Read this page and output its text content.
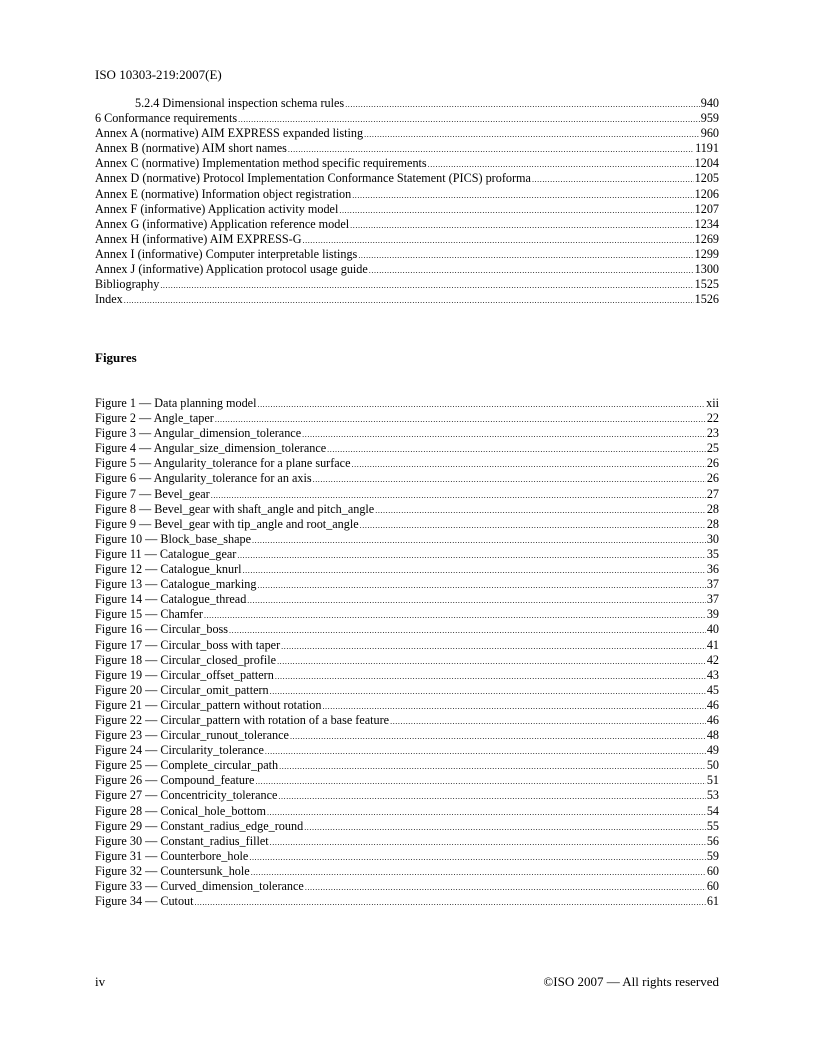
ISO 10303-219:2007(E)
5.2.4 Dimensional inspection schema rules .....	940
6 Conformance requirements .....	959
Annex A (normative) AIM EXPRESS expanded listing .....	960
Annex B (normative) AIM short names .....	1191
Annex C (normative) Implementation method specific requirements .....	1204
Annex D (normative) Protocol Implementation Conformance Statement (PICS) proforma .....	1205
Annex E (normative) Information object registration .....	1206
Annex F (informative) Application activity model .....	1207
Annex G (informative) Application reference model .....	1234
Annex H (informative) AIM EXPRESS-G .....	1269
Annex I (informative) Computer interpretable listings .....	1299
Annex J (informative) Application protocol usage guide .....	1300
Bibliography .....	1525
Index .....	1526
Figures
Figure 1 — Data planning model .....	xii
Figure 2 — Angle_taper .....	22
Figure 3 — Angular_dimension_tolerance .....	23
Figure 4 — Angular_size_dimension_tolerance .....	25
Figure 5 — Angularity_tolerance for a plane surface .....	26
Figure 6 — Angularity_tolerance for an axis .....	26
Figure 7 — Bevel_gear .....	27
Figure 8 — Bevel_gear with shaft_angle and pitch_angle .....	28
Figure 9 — Bevel_gear with tip_angle and root_angle .....	28
Figure 10 — Block_base_shape .....	30
Figure 11 — Catalogue_gear .....	35
Figure 12 — Catalogue_knurl .....	36
Figure 13 — Catalogue_marking .....	37
Figure 14 — Catalogue_thread .....	37
Figure 15 — Chamfer .....	39
Figure 16 — Circular_boss .....	40
Figure 17 — Circular_boss with taper .....	41
Figure 18 — Circular_closed_profile .....	42
Figure 19 — Circular_offset_pattern .....	43
Figure 20 — Circular_omit_pattern .....	45
Figure 21 — Circular_pattern without rotation .....	46
Figure 22 — Circular_pattern with rotation of a base feature .....	46
Figure 23 — Circular_runout_tolerance .....	48
Figure 24 — Circularity_tolerance .....	49
Figure 25 — Complete_circular_path .....	50
Figure 26 — Compound_feature .....	51
Figure 27 — Concentricity_tolerance .....	53
Figure 28 — Conical_hole_bottom .....	54
Figure 29 — Constant_radius_edge_round .....	55
Figure 30 — Constant_radius_fillet .....	56
Figure 31 — Counterbore_hole .....	59
Figure 32 — Countersunk_hole .....	60
Figure 33 — Curved_dimension_tolerance .....	60
Figure 34 — Cutout .....	61
iv	©ISO 2007 — All rights reserved
